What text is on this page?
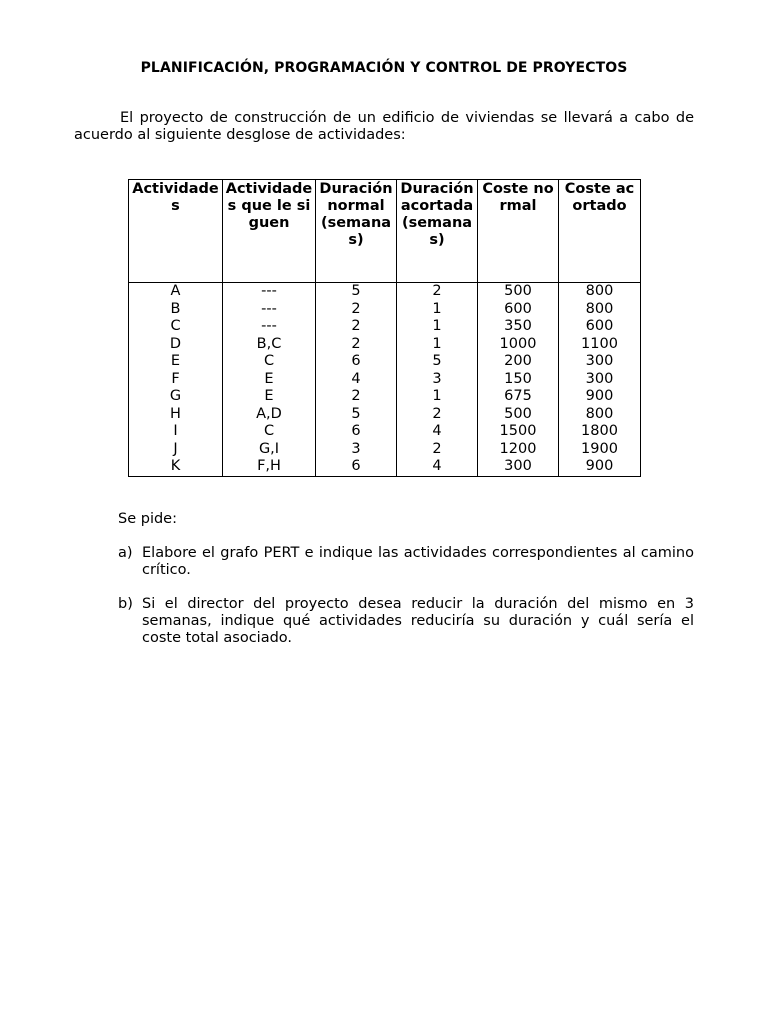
PLANIFICACIÓN, PROGRAMACIÓN Y CONTROL DE PROYECTOS

El proyecto de construcción de un edificio de viviendas se llevará a cabo de acuerdo al siguiente desglose de actividades:

Actividades	Actividades que le siguen	Duración normal (semanas)	Duración acortada (semanas)	Coste normal	Coste acortado
A	---	5	2	500	800
B	---	2	1	600	800
C	---	2	1	350	600
D	B,C	2	1	1000	1100
E	C	6	5	200	300
F	E	4	3	150	300
G	E	2	1	675	900
H	A,D	5	2	500	800
I	C	6	4	1500	1800
J	G,I	3	2	1200	1900
K	F,H	6	4	300	900
Se pide:
a) Elabore el grafo PERT e indique las actividades correspondientes al camino crítico.
b) Si el director del proyecto desea reducir la duración del mismo en 3 semanas, indique qué actividades reduciría su duración y cuál sería el coste total asociado.
